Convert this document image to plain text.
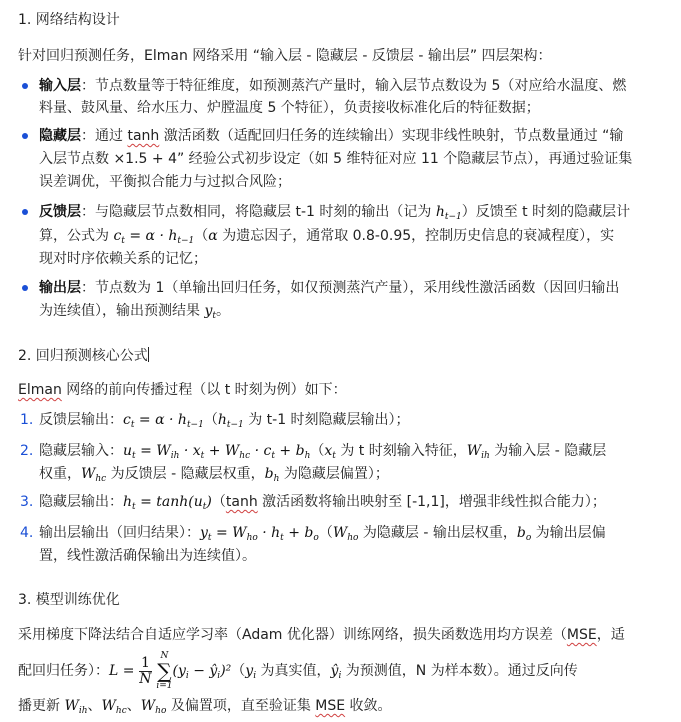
1. 网络结构设计
针对回归预测任务，Elman 网络采用 “输入层 - 隐藏层 - 反馈层 - 输出层” 四层架构：
输入层：节点数量等于特征维度，如预测蒸汽产量时，输入层节点数设为 5（对应给水温度、燃
料量、鼓风量、给水压力、炉膛温度 5 个特征），负责接收标准化后的特征数据；
隐藏层：通过 tanh 激活函数（适配回归任务的连续输出）实现非线性映射，节点数量通过 “输
入层节点数 ×1.5 + 4” 经验公式初步设定（如 5 维特征对应 11 个隐藏层节点），再通过验证集
误差调优，平衡拟合能力与过拟合风险；
反馈层：与隐藏层节点数相同，将隐藏层 t-1 时刻的输出（记为 $h_{t-1}$）反馈至 t 时刻的隐藏层计
算，公式为 $c_t = \alpha \cdot h_{t-1}(\alpha$ 为遗忘因子，通常取 0.8-0.95，控制历史信息的衰减程度），实
现对时序依赖关系的记忆；
输出层：节点数为 1（单输出回归任务，如仅预测蒸汽产量），采用线性激活函数（因回归输出
为连续值），输出预测结果 $y_t$。
2. 回归预测核心公式
Elman 网络的前向传播过程（以 t 时刻为例）如下：
1. 反馈层输出：$c_t = \alpha \cdot h_{t-1}(h_{t-1}$ 为 t-1 时刻隐藏层输出）；
2. 隐藏层输入：$u_t = W_{ih} \cdot x_t + W_{hc} \cdot c_t + b_h(x_t$ 为 t 时刻输入特征，$W_{ih}$ 为输入层 - 隐藏层
权重，$W_{hc}$ 为反馈层 - 隐藏层权重，$b_h$ 为隐藏层偏置）；
3. 隐藏层输出：$h_t = \tanh(u_t)(\tanh$ 激活函数将输出映射至 [-1,1]，增强非线性拟合能力）；
4. 输出层输出（回归结果）：$y_t = W_{ho} \cdot h_t + b_o(W_{ho}$ 为隐藏层 - 输出层权重，$b_o$ 为输出层偏
置，线性激活确保输出为连续值）。
3. 模型训练优化
采用梯度下降法结合自适应学习率（Adam 优化器）训练网络，损失函数选用均方误差（MSE，适
配回归任务）：$L = \frac{1}{N}$
N
∑
i=1
($y_i$ − $ŷ_i)^2(y_i$ 为真实值，$ŷ_i$ 为预测值，N 为样本数）。通过反向传
播更新 $W_{ih}$、$W_{hc}$、$W_{ho}$ 及偏置项，直至验证集 MSE 收敛。
